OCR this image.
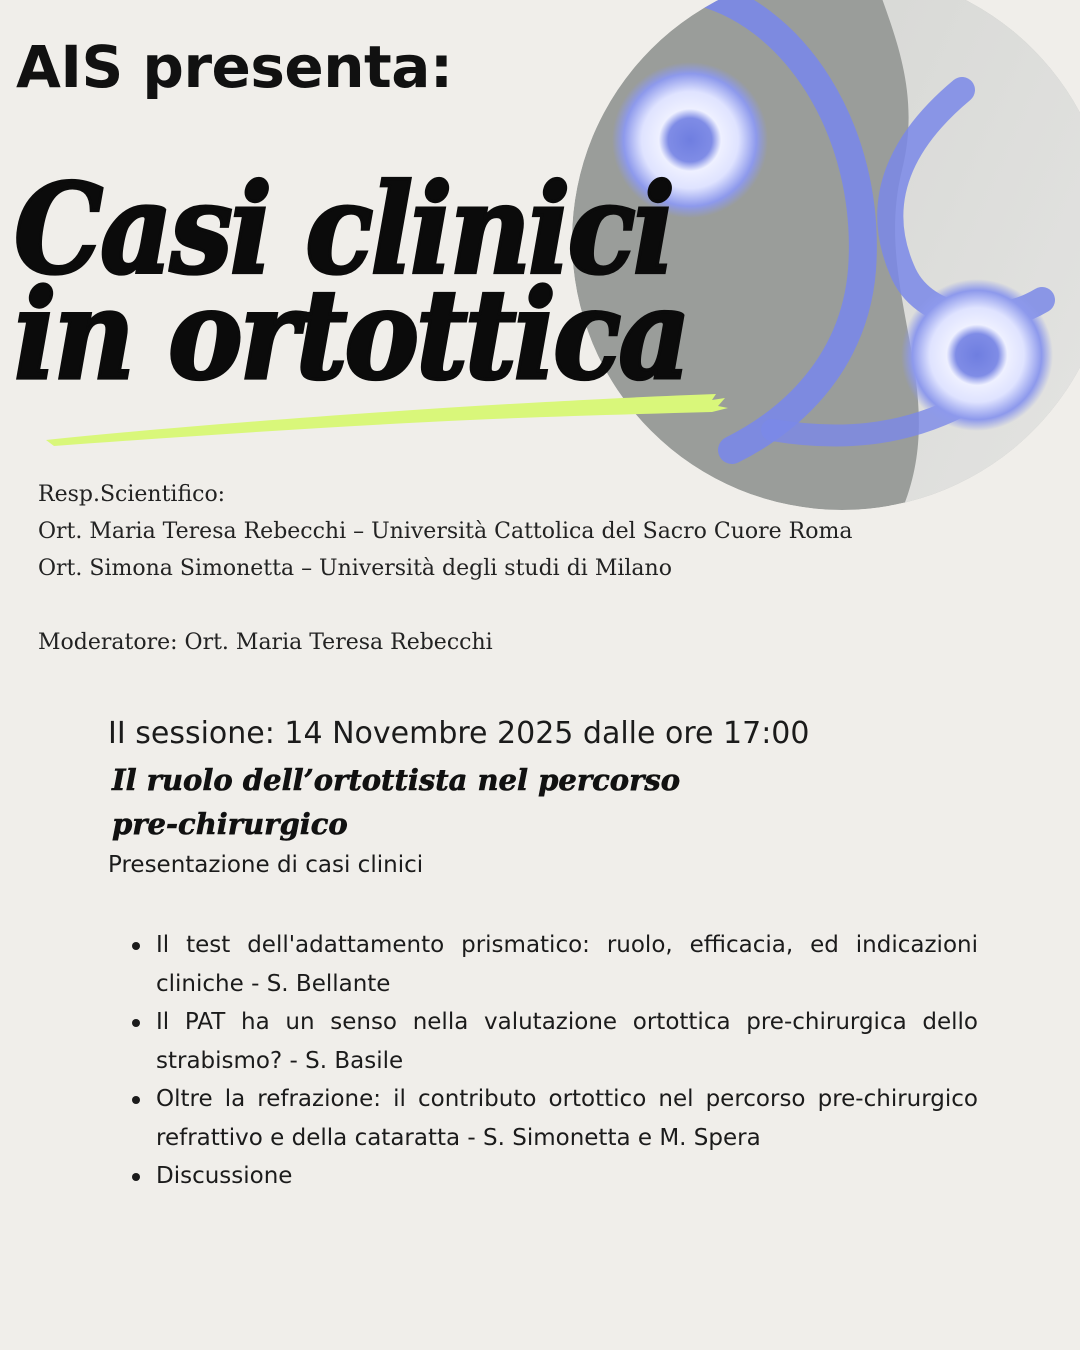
AIS presenta:
Casi clinici
in ortottica

Resp.Scientifico:

Ort. Maria Teresa Rebecchi – Università Cattolica del Sacro Cuore Roma

Ort. Simona Simonetta – Università degli studi di Milano

Moderatore: Ort. Maria Teresa Rebecchi

II sessione: 14 Novembre 2025 dalle ore 17:00

Il ruolo dell’ortottista nel percorso
pre-chirurgico

Presentazione di casi clinici

Il test dell'adattamento prismatico: ruolo, efficacia, ed indicazioni cliniche - S. Bellante
Il PAT ha un senso nella valutazione ortottica pre-chirurgica dello strabismo? - S. Basile
Oltre la refrazione: il contributo ortottico nel percorso pre-chirurgico refrattivo e della cataratta - S. Simonetta e M. Spera
Discussione
